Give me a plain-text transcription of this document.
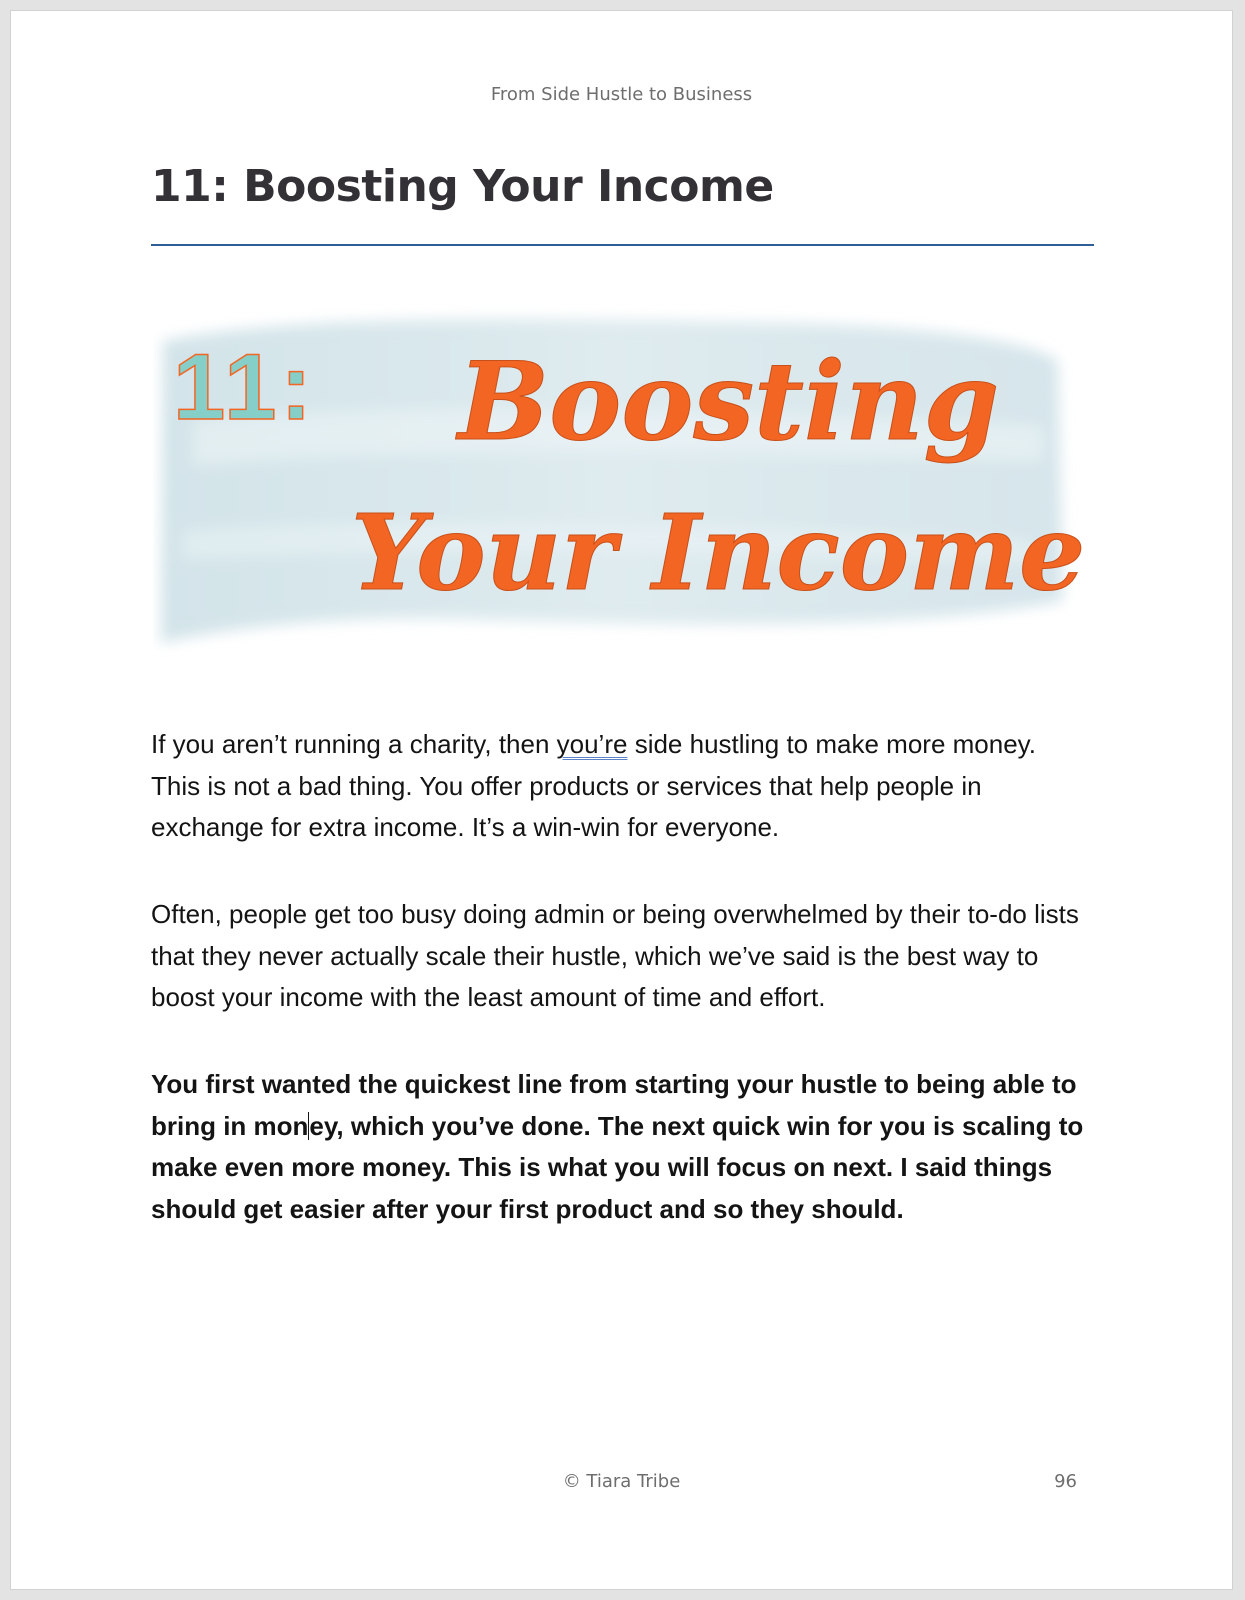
From Side Hustle to Business
11: Boosting Your Income
11: Boosting
Your Income

If you aren’t running a charity, then you’re side hustling to make more money. This is not a bad thing. You offer products or services that help people in exchange for extra income. It’s a win-win for everyone.

Often, people get too busy doing admin or being overwhelmed by their to-do lists that they never actually scale their hustle, which we’ve said is the best way to boost your income with the least amount of time and effort.

You first wanted the quickest line from starting your hustle to being able to bring in money, which you’ve done. The next quick win for you is scaling to make even more money. This is what you will focus on next. I said things should get easier after your first product and so they should.

© Tiara Tribe	96
